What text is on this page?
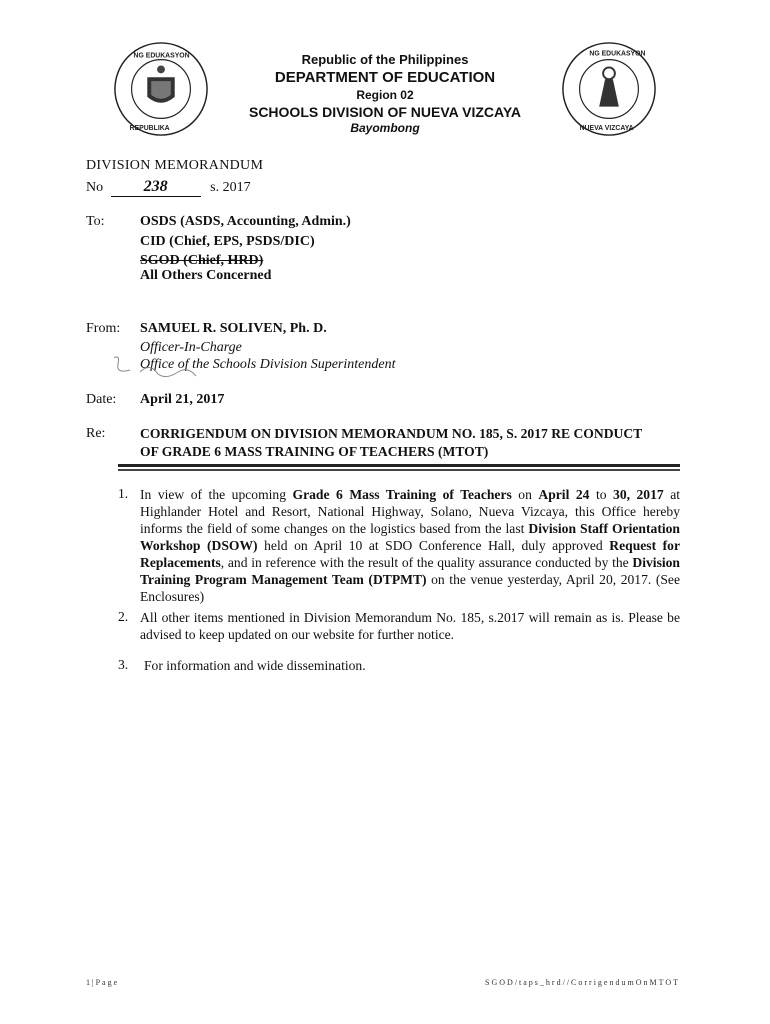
NG EDUKASYON
REPUBLIKA
NG EDUKASYON
NUEVA VIZCAYA
Republic of the Philippines
DEPARTMENT OF EDUCATION
Region 02
SCHOOLS DIVISION OF NUEVA VIZCAYA
Bayombong
DIVISION MEMORANDUM
No	238	s. 2017
To:	OSDS (ASDS, Accounting, Admin.)
CID (Chief, EPS, PSDS/DIC)
SGOD (Chief, HRD)
All Others Concerned
From: SAMUEL R. SOLIVEN, Ph. D.
Officer-In-Charge
Office of the Schools Division Superintendent
Date: April 21, 2017
Re:	CORRIGENDUM ON DIVISION MEMORANDUM NO. 185, S. 2017 RE CONDUCT
OF GRADE 6 MASS TRAINING OF TEACHERS (MTOT)
1. In view of the upcoming Grade 6 Mass Training of Teachers on April 24 to 30, 2017 at Highlander Hotel and Resort, National Highway, Solano, Nueva Vizcaya, this Office hereby informs the field of some changes on the logistics based from the last Division Staff Orientation Workshop (DSOW) held on April 10 at SDO Conference Hall, duly approved Request for Replacements, and in reference with the result of the quality assurance conducted by the Division Training Program Management Team (DTPMT) on the venue yesterday, April 20, 2017. (See Enclosures)
2. All other items mentioned in Division Memorandum No. 185, s.2017 will remain as is. Please be advised to keep updated on our website for further notice.
3. For information and wide dissemination.
1|Page	SGOD/taps_hrd//CorrigendumOnMTOT
